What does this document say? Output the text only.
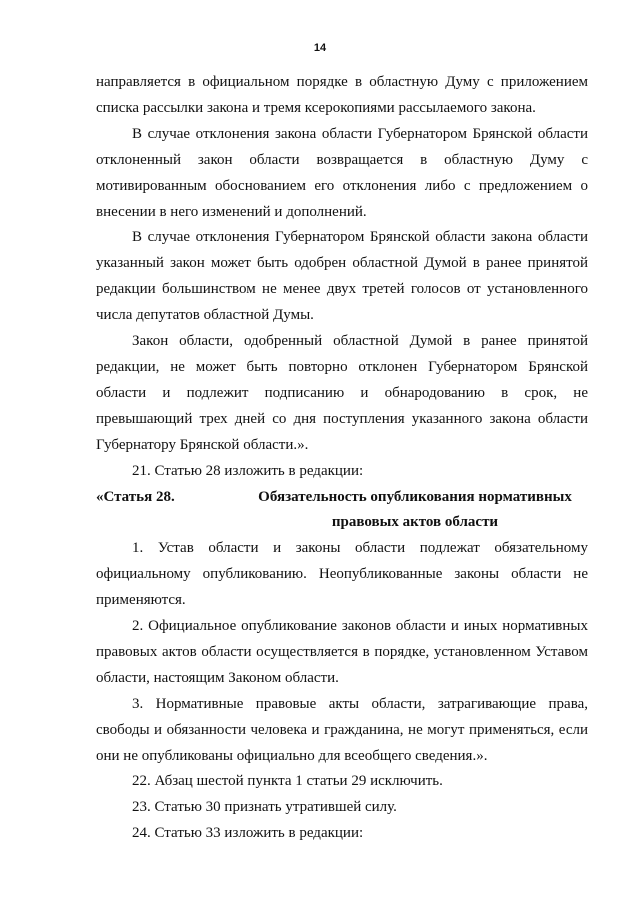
14

направляется в официальном порядке в областную Думу с приложением списка рассылки закона и тремя ксерокопиями рассылаемого закона.

В случае отклонения закона области Губернатором Брянской области отклоненный закон области возвращается в областную Думу с мотивированным обоснованием его отклонения либо с предложением о внесении в него изменений и дополнений.

В случае отклонения Губернатором Брянской области закона области указанный закон может быть одобрен областной Думой в ранее принятой редакции большинством не менее двух третей голосов от установленного числа депутатов областной Думы.

Закон области, одобренный областной Думой в ранее принятой редакции, не может быть повторно отклонен Губернатором Брянской области и подлежит подписанию и обнародованию в срок, не превышающий трех дней со дня поступления указанного закона области Губернатору Брянской области.».

21. Статью 28 изложить в редакции:

«Статья 28.	Обязательность опубликования нормативных правовых актов области

1. Устав области и законы области подлежат обязательному официальному опубликованию. Неопубликованные законы области не применяются.

2. Официальное опубликование законов области и иных нормативных правовых актов области осуществляется в порядке, установленном Уставом области, настоящим Законом области.

3. Нормативные правовые акты области, затрагивающие права, свободы и обязанности человека и гражданина, не могут применяться, если они не опубликованы официально для всеобщего сведения.».

22. Абзац шестой пункта 1 статьи 29 исключить.

23. Статью 30 признать утратившей силу.

24. Статью 33 изложить в редакции:
